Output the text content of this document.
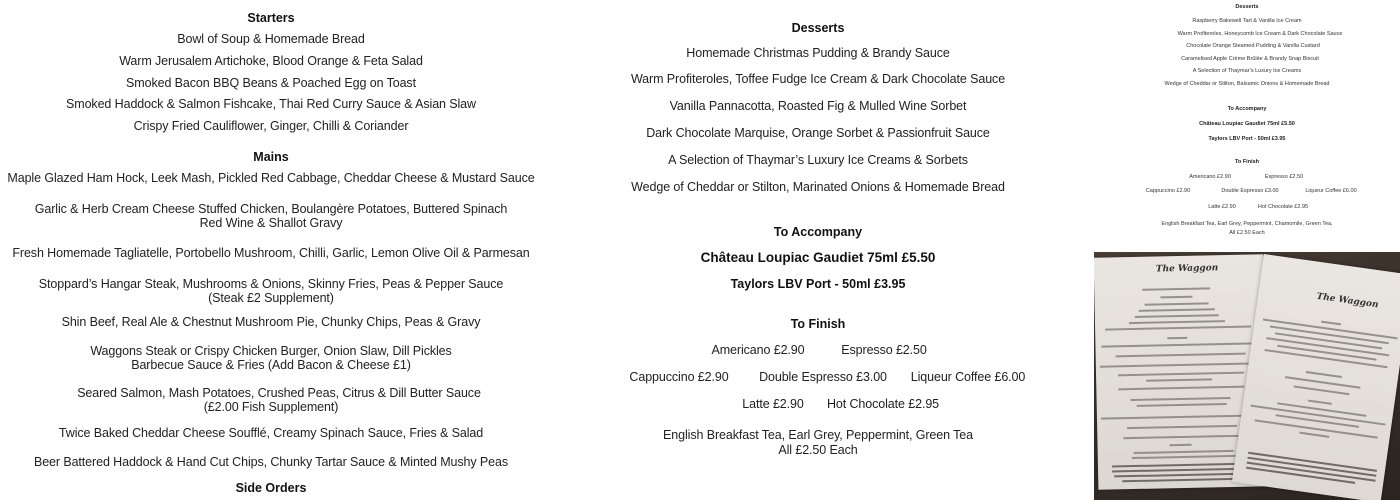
Starters
Bowl of Soup & Homemade Bread
Warm Jerusalem Artichoke, Blood Orange & Feta Salad
Smoked Bacon BBQ Beans & Poached Egg on Toast
Smoked Haddock & Salmon Fishcake, Thai Red Curry Sauce & Asian Slaw
Crispy Fried Cauliflower, Ginger, Chilli & Coriander
Mains
Maple Glazed Ham Hock, Leek Mash, Pickled Red Cabbage, Cheddar Cheese & Mustard Sauce
Garlic & Herb Cream Cheese Stuffed Chicken, Boulangère Potatoes, Buttered Spinach
Red Wine & Shallot Gravy
Fresh Homemade Tagliatelle, Portobello Mushroom, Chilli, Garlic, Lemon Olive Oil & Parmesan
Stoppard’s Hangar Steak, Mushrooms & Onions, Skinny Fries, Peas & Pepper Sauce
(Steak £2 Supplement)
Shin Beef, Real Ale & Chestnut Mushroom Pie, Chunky Chips, Peas & Gravy
Waggons Steak or Crispy Chicken Burger, Onion Slaw, Dill Pickles
Barbecue Sauce & Fries (Add Bacon & Cheese £1)
Seared Salmon, Mash Potatoes, Crushed Peas, Citrus & Dill Butter Sauce
(£2.00 Fish Supplement)
Twice Baked Cheddar Cheese Soufflé, Creamy Spinach Sauce, Fries & Salad
Beer Battered Haddock & Hand Cut Chips, Chunky Tartar Sauce & Minted Mushy Peas
Side Orders
Desserts
Homemade Christmas Pudding & Brandy Sauce
Warm Profiteroles, Toffee Fudge Ice Cream & Dark Chocolate Sauce
Vanilla Pannacotta, Roasted Fig & Mulled Wine Sorbet
Dark Chocolate Marquise, Orange Sorbet & Passionfruit Sauce
A Selection of Thaymar’s Luxury Ice Creams & Sorbets
Wedge of Cheddar or Stilton, Marinated Onions & Homemade Bread
To Accompany
Château Loupiac Gaudiet 75ml £5.50
Taylors LBV Port - 50ml £3.95
To Finish
Americano £2.90	Espresso £2.50
Cappuccino £2.90 Double Espresso £3.00 Liqueur Coffee £6.00
Latte £2.90 Hot Chocolate £2.95
English Breakfast Tea, Earl Grey, Peppermint, Green Tea
All £2.50 Each
Desserts
Raspberry Bakewell Tart & Vanilla Ice Cream
Warm Profiteroles, Honeycomb Ice Cream & Dark Chocolate Sauce
Chocolate Orange Steamed Pudding & Vanilla Custard
Caramelised Apple Crème Brûlée & Brandy Snap Biscuit
A Selection of Thaymar’s Luxury Ice Creams
Wedge of Cheddar or Stilton, Balsamic Onions & Homemade Bread
To Accompany
Château Loupiac Gaudiet 75ml £5.50
Taylors LBV Port - 50ml £3.95
To Finish
Americano £2.90	Espresso £2.50
Cappuccino £2.90	Double Espresso £3.00	Liqueur Coffee £6.00
Latte £2.90	Hot Chocolate £2.95
English Breakfast Tea, Earl Grey, Peppermint, Chamomile, Green Tea,
All £2.50 Each
The Waggon
The Waggon
